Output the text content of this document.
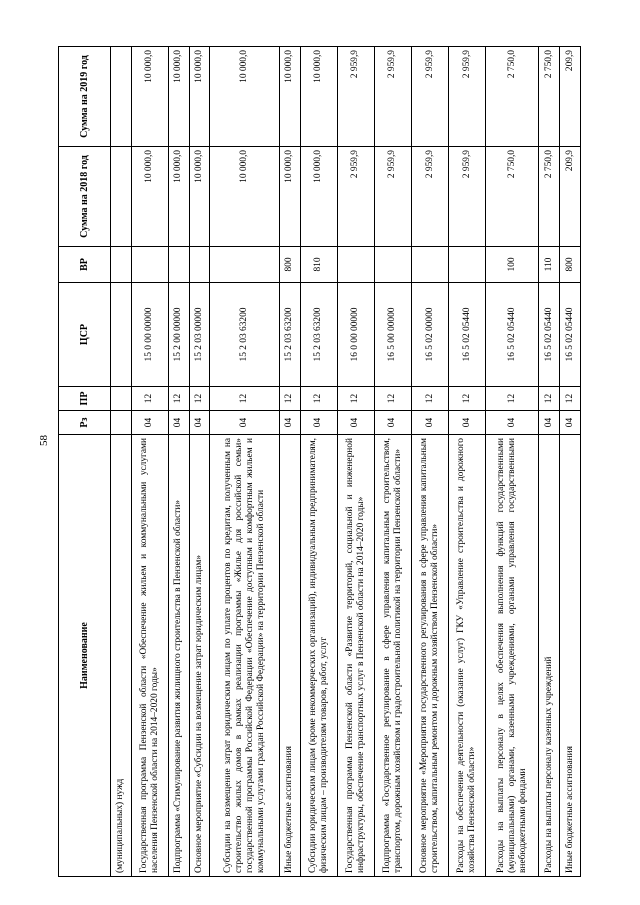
58
Наименование	Рз	ПР	ЦСР	ВР	Сумма на 2018 год	Сумма на 2019 год
(муниципальных) нужд						
Государственная программа Пензенской области «Обеспечение жильем и коммунальными услугами населения Пензенской области на 2014–2020 годы»	04	12	15 0 00 00000		10 000,0	10 000,0
Подпрограмма «Стимулирование развития жилищного строительства в Пензенской области»	04	12	15 2 00 00000		10 000,0	10 000,0
Основное мероприятие «Субсидии на возмещение затрат юридическим лицам»	04	12	15 2 03 00000		10 000,0	10 000,0
Субсидии на возмещение затрат юридическим лицам по уплате процентов по кредитам, полученным на строительство жилых домов в рамках реализации программы «Жилье для российской семьи» государственной программы Российской Федерации «Обеспечение доступным и комфортным жильем и коммунальными услугами граждан Российской Федерации» на территории Пензенской области	04	12	15 2 03 63200		10 000,0	10 000,0
Иные бюджетные ассигнования	04	12	15 2 03 63200	800	10 000,0	10 000,0
Субсидии юридическим лицам (кроме некоммерческих организаций), индивидуальным предпринимателям, физическим лицам – производителям товаров, работ, услуг	04	12	15 2 03 63200	810	10 000,0	10 000,0
Государственная программа Пензенской области «Развитие территорий, социальной и инженерной инфраструктуры, обеспечение транспортных услуг в Пензенской области на 2014–2020 годы»	04	12	16 0 00 00000		2 959,9	2 959,9
Подпрограмма «Государственное регулирование в сфере управления капитальным строительством, транспортом, дорожным хозяйством и градостроительной политикой на территории Пензенской области»	04	12	16 5 00 00000		2 959,9	2 959,9
Основное мероприятие «Мероприятия государственного регулирования в сфере управления капитальным строительством, капитальным ремонтом и дорожным хозяйством Пензенской области»	04	12	16 5 02 00000		2 959,9	2 959,9
Расходы на обеспечение деятельности (оказание услуг) ГКУ «Управление строительства и дорожного хозяйства Пензенской области»	04	12	16 5 02 05440		2 959,9	2 959,9
Расходы на выплаты персоналу в целях обеспечения выполнения функций государственными (муниципальными) органами, казенными учреждениями, органами управления государственными внебюджетными фондами	04	12	16 5 02 05440	100	2 750,0	2 750,0
Расходы на выплаты персоналу казенных учреждений	04	12	16 5 02 05440	110	2 750,0	2 750,0
Иные бюджетные ассигнования	04	12	16 5 02 05440	800	209,9	209,9
